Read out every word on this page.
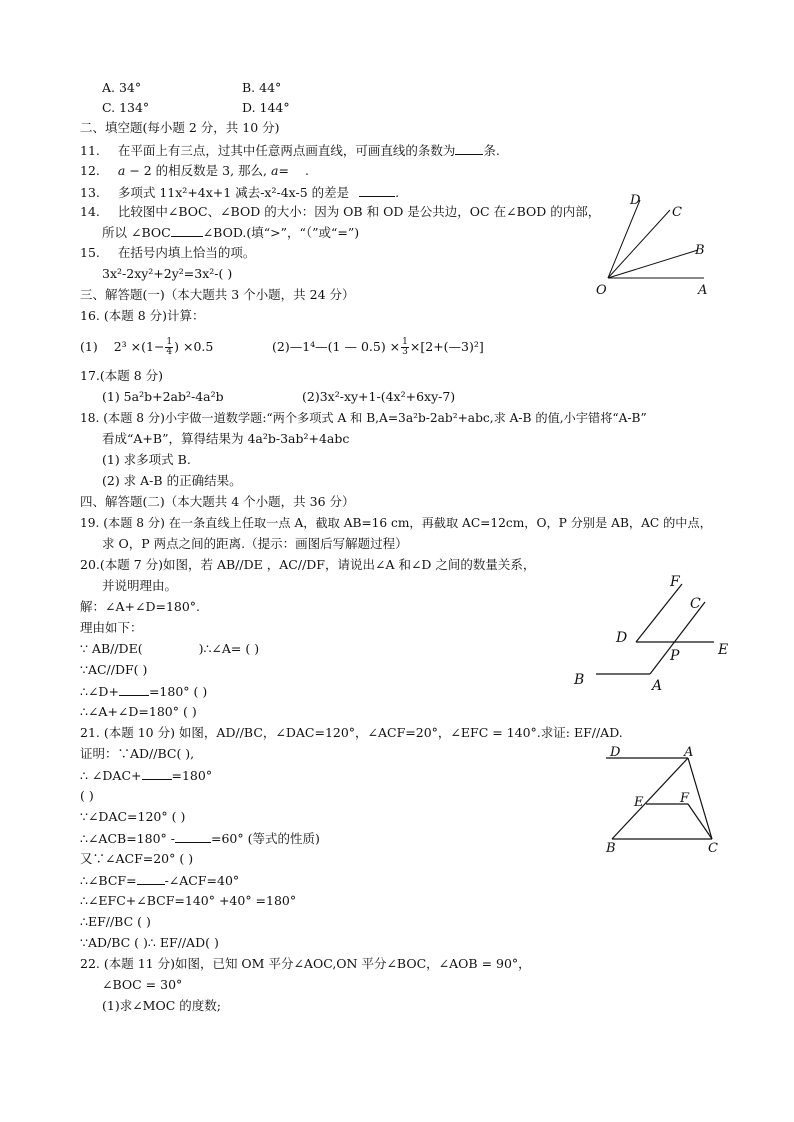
A. 34°	B. 44°
C. 134°	D. 144°
二、填空题(每小题 2 分，共 10 分)
11. 在平面上有三点，过其中任意两点画直线，可画直线的条数为 条.
12. a − 2 的相反数是 3, 那么, a= .
13. 多项式 11x²+4x+1 减去-x²-4x-5 的差是	.
14. 比较图中∠BOC、∠BOD 的大小：因为 OB 和 OD 是公共边，OC 在∠BOD 的内部，
所以 ∠BOC	∠BOD.(填“>”，“（”或“=”)
15. 在括号内填上恰当的项。
3x²-2xy²+2y²=3x²-( )
三、解答题(一)（本大题共 3 个小题，共 24 分）
16. (本题 8 分)计算：
(1) $2^3 \times(1- \frac{1}{4}$ ) ×0.5	(2)—1⁴—(1 — $0.5) \times \frac{1}{3}$ ×[2+(—3)²]
17.(本题 8 分)
(1) 5a²b+2ab²-4a²b	(2)3x²-xy+1-(4x²+6xy-7)
18. (本题 8 分)小宇做一道数学题:“两个多项式 A 和 B,A=3a²b-2ab²+abc,求 A-B 的值,小宇错将“A-B”
看成“A+B”，算得结果为 4a²b-3ab²+4abc
(1) 求多项式 B.
(2) 求 A-B 的正确结果。
四、解答题(二)（本大题共 4 个小题，共 36 分）
19. (本题 8 分) 在一条直线上任取一点 A，截取 AB=16 cm，再截取 AC=12cm，O，P 分别是 AB，AC 的中点，
求 O，P 两点之间的距离.（提示：画图后写解题过程）
20.(本题 7 分)如图，若 AB//DE ，AC//DF，请说出∠A 和∠D 之间的数量关系，
并说明理由。
解：∠A+∠D=180°.
理由如下：
∵ AB//DE(	)∴∠A= ( )
∵AC//DF( )
∴∠D+ =180° ( )
∴∠A+∠D=180° ( )
21. (本题 10 分) 如图，AD//BC，∠DAC=120°，∠ACF=20°，∠EFC = 140°.求证: EF//AD.
证明：∵AD//BC( ),
∴ ∠DAC+ =180°
( )
∵∠DAC=120° ( )
∴∠ACB=180° -	=60° (等式的性质)
又∵∠ACF=20° ( )
∴∠BCF= -∠ACF=40°
∴∠EFC+∠BCF=140° +40° =180°
∴EF//BC ( )
∵AD/BC ( )∴ EF//AD( )
22. (本题 11 分)如图，已知 OM 平分∠AOC,ON 平分∠BOC，∠AOB = 90°，
∠BOC = 30°
(1)求∠MOC 的度数;
D
C
B
O	A
F
C
D
E
P
B	A
D	A
E	F
B	C
